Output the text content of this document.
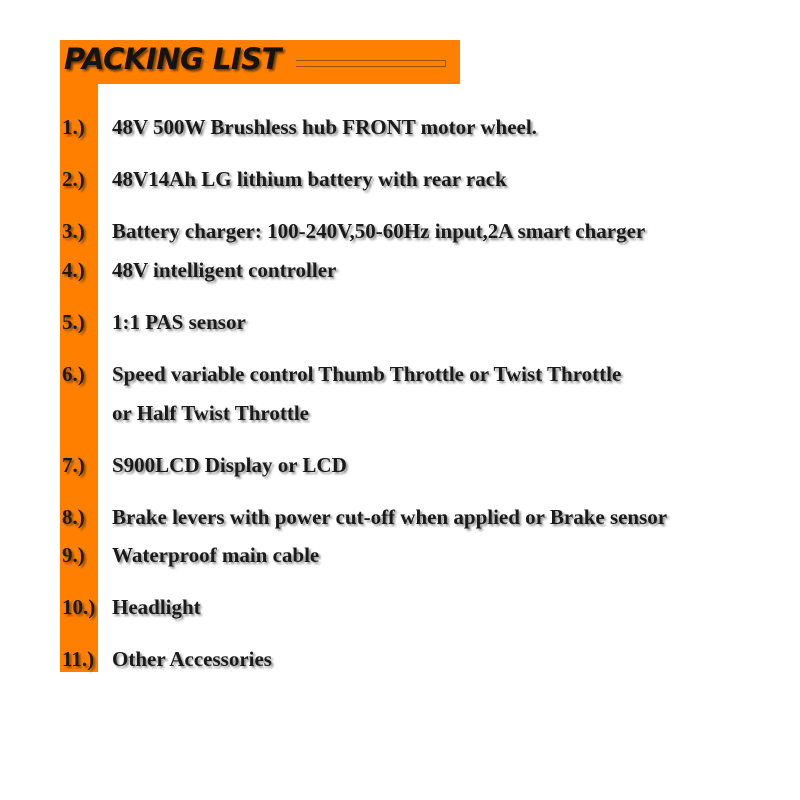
PACKING LIST
1.) 48V 500W Brushless hub FRONT motor wheel.
2.) 48V14Ah LG lithium battery with rear rack
3.) Battery charger: 100-240V,50-60Hz input,2A smart charger
4.) 48V intelligent controller
5.) 1:1 PAS sensor
6.) Speed variable control Thumb Throttle or Twist Throttle
or Half Twist Throttle
7.) S900LCD Display or LCD
8.) Brake levers with power cut-off when applied or Brake sensor
9.) Waterproof main cable
10.) Headlight
11.) Other Accessories
